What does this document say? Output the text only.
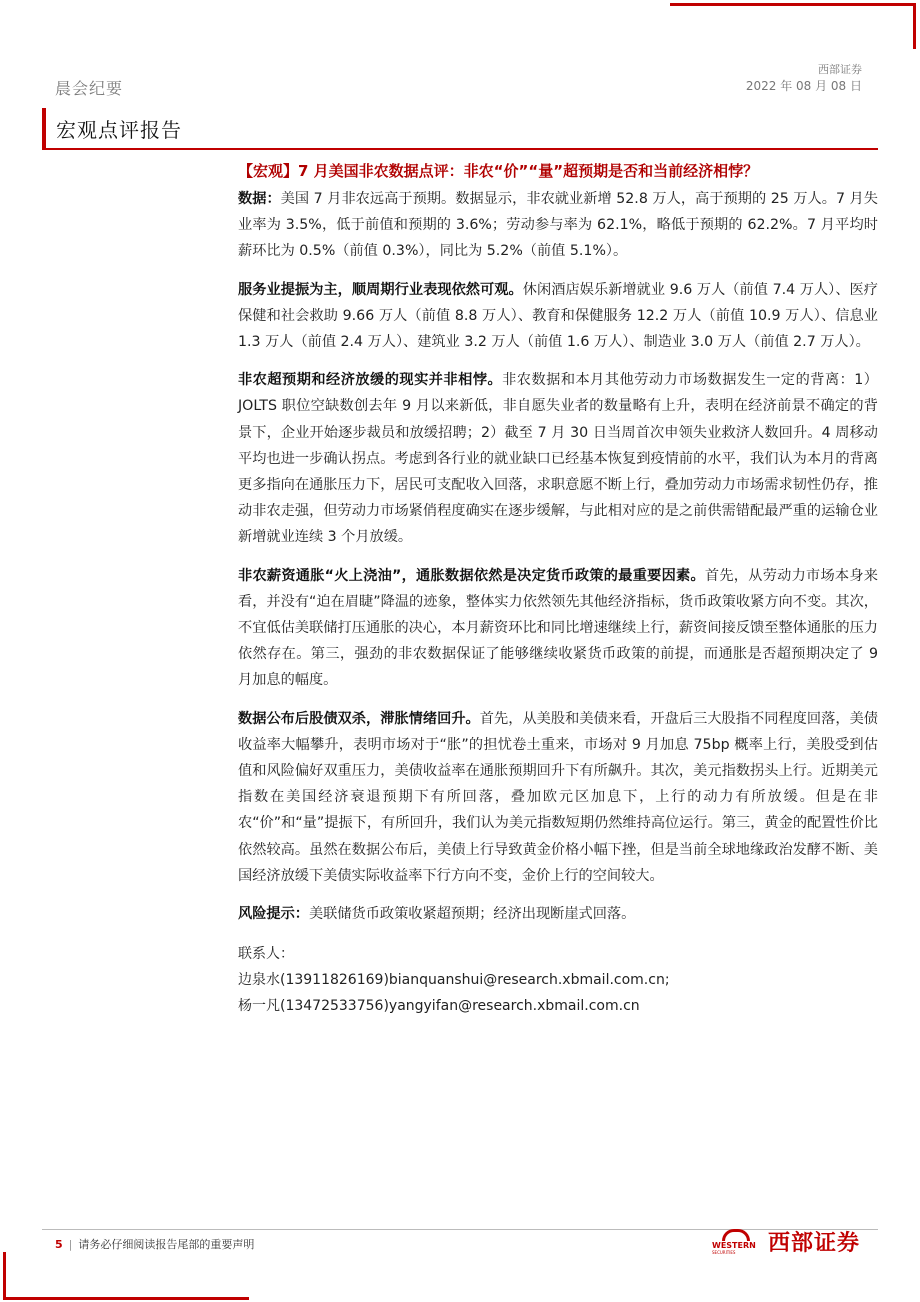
晨会纪要
西部证券
2022 年 08 月 08 日
宏观点评报告
【宏观】7 月美国非农数据点评：非农“价”“量”超预期是否和当前经济相悖？

数据：美国 7 月非农远高于预期。数据显示，非农就业新增 52.8 万人，高于预期的 25 万人。7 月失业率为 3.5%，低于前值和预期的 3.6%；劳动参与率为 62.1%，略低于预期的 62.2%。7 月平均时薪环比为 0.5%（前值 0.3%），同比为 5.2%（前值 5.1%）。

服务业提振为主，顺周期行业表现依然可观。休闲酒店娱乐新增就业 9.6 万人（前值 7.4 万人）、医疗保健和社会救助 9.66 万人（前值 8.8 万人）、教育和保健服务 12.2 万人（前值 10.9 万人）、信息业 1.3 万人（前值 2.4 万人）、建筑业 3.2 万人（前值 1.6 万人）、制造业 3.0 万人（前值 2.7 万人）。

非农超预期和经济放缓的现实并非相悖。非农数据和本月其他劳动力市场数据发生一定的背离：1）JOLTS 职位空缺数创去年 9 月以来新低，非自愿失业者的数量略有上升，表明在经济前景不确定的背景下，企业开始逐步裁员和放缓招聘；2）截至 7 月 30 日当周首次申领失业救济人数回升。4 周移动平均也进一步确认拐点。考虑到各行业的就业缺口已经基本恢复到疫情前的水平，我们认为本月的背离更多指向在通胀压力下，居民可支配收入回落，求职意愿不断上行，叠加劳动力市场需求韧性仍存，推动非农走强，但劳动力市场紧俏程度确实在逐步缓解，与此相对应的是之前供需错配最严重的运输仓业新增就业连续 3 个月放缓。

非农薪资通胀“火上浇油”，通胀数据依然是决定货币政策的最重要因素。首先，从劳动力市场本身来看，并没有“迫在眉睫”降温的迹象，整体实力依然领先其他经济指标，货币政策收紧方向不变。其次，不宜低估美联储打压通胀的决心，本月薪资环比和同比增速继续上行，薪资间接反馈至整体通胀的压力依然存在。第三，强劲的非农数据保证了能够继续收紧货币政策的前提，而通胀是否超预期决定了 9 月加息的幅度。

数据公布后股债双杀，滞胀情绪回升。首先，从美股和美债来看，开盘后三大股指不同程度回落，美债收益率大幅攀升，表明市场对于“胀”的担忧卷土重来，市场对 9 月加息 75bp 概率上行，美股受到估值和风险偏好双重压力，美债收益率在通胀预期回升下有所飙升。其次，美元指数拐头上行。近期美元指数在美国经济衰退预期下有所回落，叠加欧元区加息下，上行的动力有所放缓。但是在非农“价”和“量”提振下，有所回升，我们认为美元指数短期仍然维持高位运行。第三，黄金的配置性价比依然较高。虽然在数据公布后，美债上行导致黄金价格小幅下挫，但是当前全球地缘政治发酵不断、美国经济放缓下美债实际收益率下行方向不变，金价上行的空间较大。

风险提示：美联储货币政策收紧超预期；经济出现断崖式回落。

联系人：
边泉水(13911826169)bianquanshui@research.xbmail.com.cn;
杨一凡(13472533756)yangyifan@research.xbmail.com.cn
5 | 请务必仔细阅读报告尾部的重要声明	WESTERN
SECURITIES 西部证券
